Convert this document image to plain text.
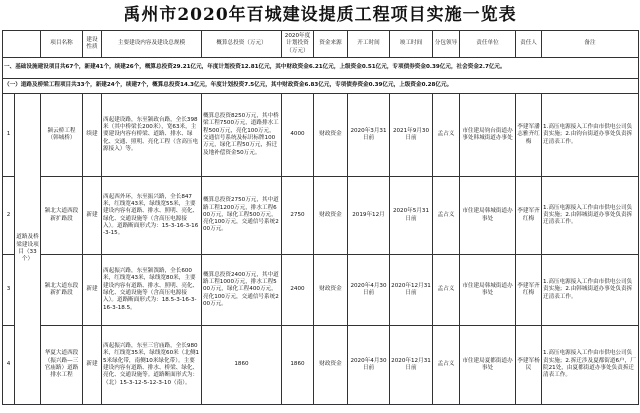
禹州市2020年百城建设提质工程项目实施一览表
		项目名称	建设性质	主要建设内容及建设总规模	概算总投资（万元）	2020年度计划投资（万元）	资金来源	开工时间	竣工时间	分包领导	责任单位	责任人	备注
一、基础设施建设项目共67个，新建41个，续建26个，概算总投资29.21亿元，年度计划投资12.81亿元，其中财政资金6.21亿元，上级资金0.51亿元，专项债券资金0.39亿元，社会资金2.7亿元。													
（一）道路及桥梁工程项目共33个，新建24个，续建7个，概算总投资14.3亿元，年度计划投资7.5亿元，其中财政资金6.83亿元，专项债券资金0.39亿元，上级资金0.28亿元。													
1	道路及桥梁建设项目（33个）	颍云桥工程（韩城桥）	续建	西起建设路，东至颍政台路，全长398米（其中桥梁长200米），宽63米，主要建设内容有桥梁、道路、排水、绿化、交通、照明、亮化工程（含高压电源接入）等。	概算总投资8250万元，其中桥梁工程7500万元，道路排水工程500万元，亮化100万元，交通信号系统及标识标牌100万元，绿化工程50万元，拆迁及地补偿资金50万元。	4000	财政资金	2020年3月31日前	2021年9月30日前	孟占义	市住建局钧台街道办事处韩城街道办事处	李建军潘志雅齐红梅	1.高压电源接入工作由市供电公司负责实施；2.由钧台街道办事处负责拆迁清表工作。
2		颍北大道西段新扩路段	新建	西起西外环，东至振兴路，全长847米，红线宽43米，绿线宽55米，主要建设内容有道路、排水、照明、亮化、绿化、交通设施等（含高压电源接入）。道路断面形式为：15-3-16-3-16-3-15。	概算总投资2750万元，其中道路工程1200万元，排水工程600万元，绿化工程500万元，亮化100万元，交通信号系统200万元。	2750	财政资金	2019年12月	2020年5月31日前	孟占义	市住建局韩城街道办事处	李建军齐红梅	1.高压电源接入工作由市供电公司负责实施；2.由韩城街道办事处负责拆迁清表工作。
3		颍北大道东段新扩路段	新建	西起振兴路，东至颍潩路，全长600米，红线宽43米，绿线宽80米，主要建设内容有道路、排水、照明、亮化、绿化、交通设施等（含高压电源接入）。道路断面形式为：18.5-3-16-3-16-3-18.5。	概算总投资2400万元，其中道路工程1000万元，排水工程500万元，绿化工程400万元，亮化100万元，交通信号系统200万元。	2400	财政资金	2020年4月30日前	2020年12月31日前	孟占义	市住建局韩城街道办事处	李建军齐红梅	1.高压电源接入工作由市供电公司负责实施；2.由韩城街道办事处负责拆迁清表工作。
4		华夏大道西段（振兴路—三官庙路）道路排水工程	新建	西起振兴路，东至三官庙路，全长980米，红线宽35米，绿线宽60米（北侧15米绿化带，南侧10米绿化带）。主要建设内容有道路、排水、桥梁、绿化、亮化、交通设施等。道路断面形式为：（北）15-3-12-5-12-3-10（南）。	1860	1860	财政资金	2020年4月30日前	2020年12月31日前	孟占义	市住建局夏都街道办事处	李建军杨民	1.高压电源接入工作由市供电公司负责实施；2.拆迁涉及夏都街道6户，厂院21处，由夏都街道办事处负责拆迁清表工作。
